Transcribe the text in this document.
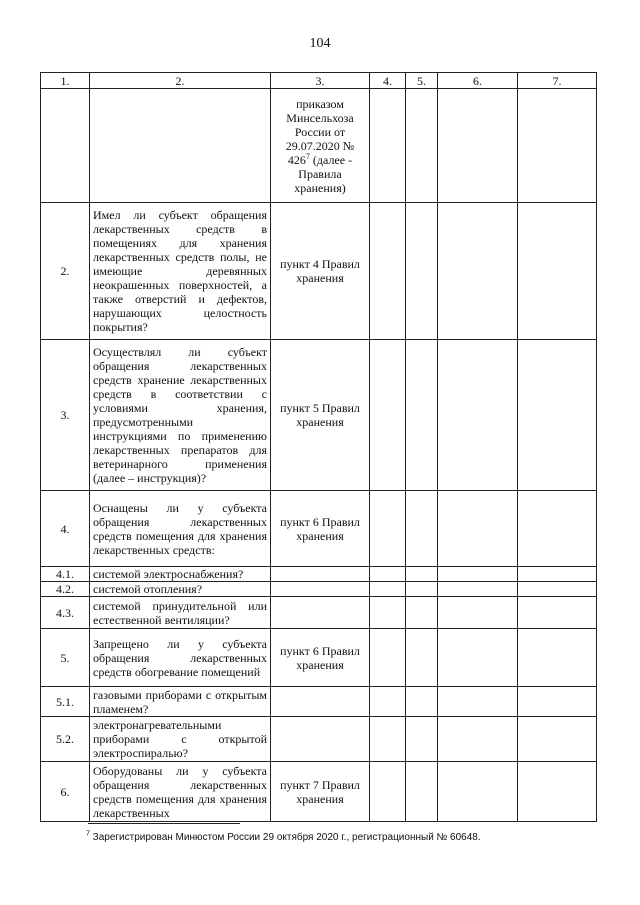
104
1.	2.	3.	4.	5.	6.	7.
		приказом Минсельхоза России от 29.07.2020 № $426^7$ (далее - Правила хранения)				
2.	Имел ли субъект обращения лекарственных средств в помещениях для хранения лекарственных средств полы, не имеющие деревянных неокрашенных поверхностей, а также отверстий и дефектов, нарушающих целостность покрытия?	пункт 4 Правил хранения				
3.	Осуществлял ли субъект обращения лекарственных средств хранение лекарственных средств в соответствии с условиями хранения, предусмотренными инструкциями по применению лекарственных препаратов для ветеринарного применения (далее – инструкция)?	пункт 5 Правил хранения				
4.	Оснащены ли у субъекта обращения лекарственных средств помещения для хранения лекарственных средств:	пункт 6 Правил хранения				
4.1.	системой электроснабжения?					
4.2.	системой отопления?					
4.3.	системой принудительной или естественной вентиляции?					
5.	Запрещено ли у субъекта обращения лекарственных средств обогревание помещений	пункт 6 Правил хранения				
5.1.	газовыми приборами с открытым пламенем?					
5.2.	электронагревательными приборами с открытой электроспиралью?					
6.	Оборудованы ли у субъекта обращения лекарственных средств помещения для хранения лекарственных	пункт 7 Правил хранения				
$^7$ Зарегистрирован Минюстом России 29 октября 2020 г., регистрационный № 60648.
